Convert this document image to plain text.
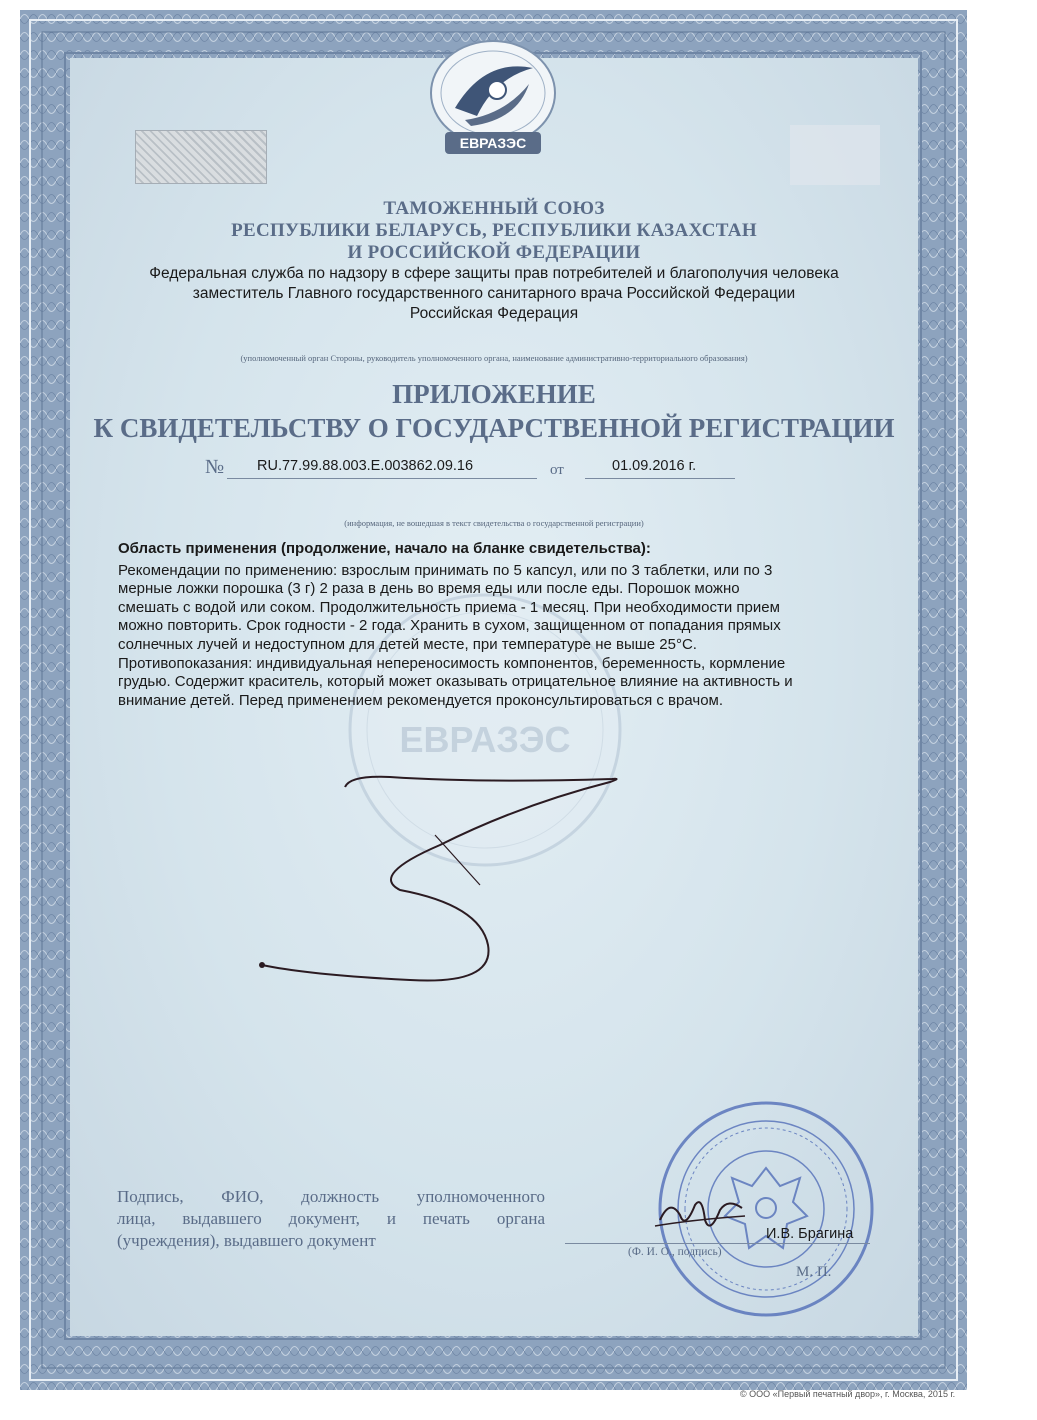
ЕВРАЗЭС
ЕВРАЗЭС
ТАМОЖЕННЫЙ СОЮЗ
РЕСПУБЛИКИ БЕЛАРУСЬ, РЕСПУБЛИКИ КАЗАХСТАН
И РОССИЙСКОЙ ФЕДЕРАЦИИ
Федеральная служба по надзору в сфере защиты прав потребителей и благополучия человека
заместитель Главного государственного санитарного врача Российской Федерации
Российская Федерация
(уполномоченный орган Стороны, руководитель уполномоченного органа, наименование административно-территориального образования)
ПРИЛОЖЕНИЕ
К СВИДЕТЕЛЬСТВУ О ГОСУДАРСТВЕННОЙ РЕГИСТРАЦИИ
№ RU.77.99.88.003.E.003862.09.16	от	01.09.2016 г.
(информация, не вошедшая в текст свидетельства о государственной регистрации)
Область применения (продолжение, начало на бланке свидетельства):
Рекомендации по применению: взрослым принимать по 5 капсул, или по 3 таблетки, или по 3
мерные ложки порошка (3 г) 2 раза в день во время еды или после еды. Порошок можно
смешать с водой или соком. Продолжительность приема - 1 месяц. При необходимости прием
можно повторить. Срок годности - 2 года. Хранить в сухом, защищенном от попадания прямых
солнечных лучей и недоступном для детей месте, при температуре не выше 25°С.
Противопоказания: индивидуальная непереносимость компонентов, беременность, кормление
грудью. Содержит краситель, который может оказывать отрицательное влияние на активность и
внимание детей. Перед применением рекомендуется проконсультироваться с врачом.
Подпись, ФИО, должность уполномоченного
лица, выдавшего документ, и печать органа
(учреждения), выдавшего документ	И.В. Брагина
(Ф. И. О., подпись)
М. П.
© ООО «Первый печатный двор», г. Москва, 2015 г.
